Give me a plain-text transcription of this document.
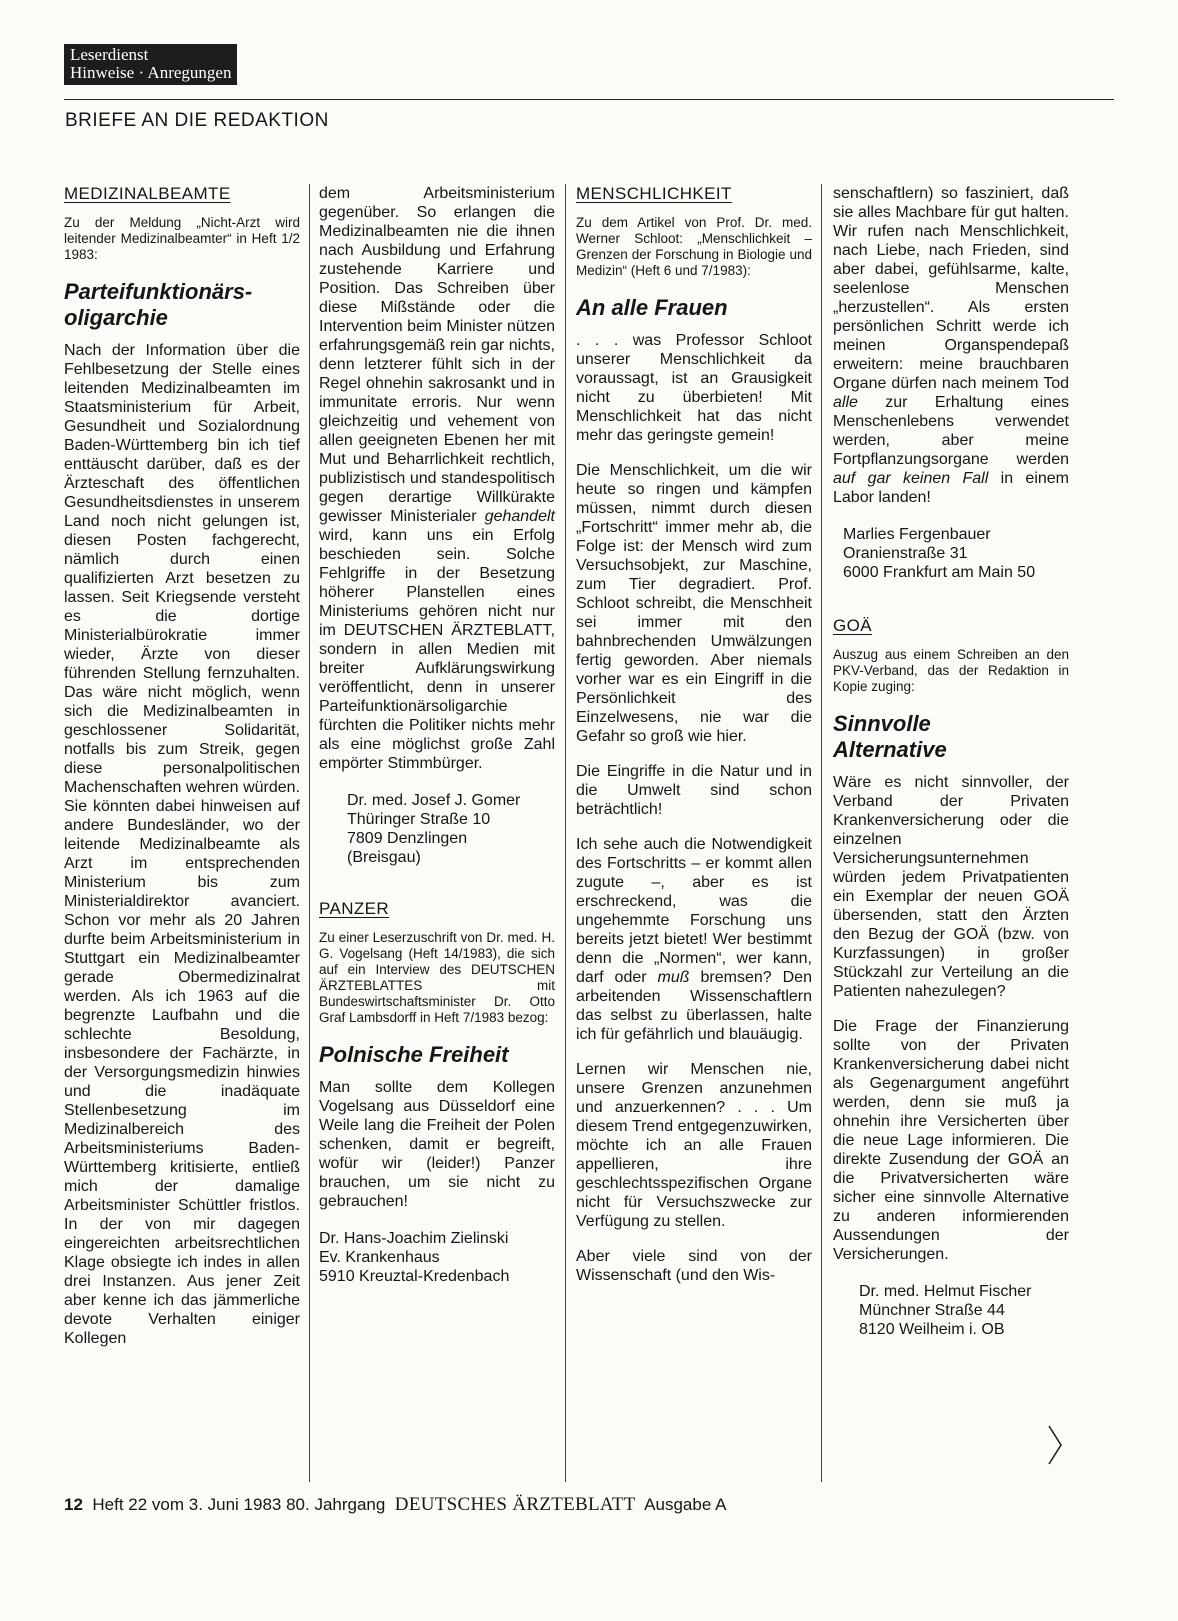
Leserdienst
Hinweise · Anregungen
BRIEFE AN DIE REDAKTION
MEDIZINALBEAMTE

Zu der Meldung „Nicht-Arzt wird leitender Medizinalbeamter“ in Heft 1/2 1983:

Parteifunktionärs-oligarchie

Nach der Information über die Fehlbesetzung der Stelle eines leitenden Medizinalbeamten im Staatsministerium für Arbeit, Gesundheit und Sozialordnung Baden-Württemberg bin ich tief enttäuscht darüber, daß es der Ärzteschaft des öffentlichen Gesundheitsdienstes in unserem Land noch nicht gelungen ist, diesen Posten fachgerecht, nämlich durch einen qualifizierten Arzt besetzen zu lassen. Seit Kriegsende versteht es die dortige Ministerialbürokratie immer wieder, Ärzte von dieser führenden Stellung fernzuhalten. Das wäre nicht möglich, wenn sich die Medizinalbeamten in geschlossener Solidarität, notfalls bis zum Streik, gegen diese personalpolitischen Machenschaften wehren würden. Sie könnten dabei hinweisen auf andere Bundesländer, wo der leitende Medizinalbeamte als Arzt im entsprechenden Ministerium bis zum Ministerialdirektor avanciert. Schon vor mehr als 20 Jahren durfte beim Arbeitsministerium in Stuttgart ein Medizinalbeamter gerade Obermedizinalrat werden. Als ich 1963 auf die begrenzte Laufbahn und die schlechte Besoldung, insbesondere der Fachärzte, in der Versorgungsmedizin hinwies und die inadäquate Stellenbesetzung im Medizinalbereich des Arbeitsministeriums Baden-Württemberg kritisierte, entließ mich der damalige Arbeitsminister Schüttler fristlos. In der von mir dagegen eingereichten arbeitsrechtlichen Klage obsiegte ich indes in allen drei Instanzen. Aus jener Zeit aber kenne ich das jämmerliche devote Verhalten einiger Kollegen

dem Arbeitsministerium gegenüber. So erlangen die Medizinalbeamten nie die ihnen nach Ausbildung und Erfahrung zustehende Karriere und Position. Das Schreiben über diese Mißstände oder die Intervention beim Minister nützen erfahrungsgemäß rein gar nichts, denn letzterer fühlt sich in der Regel ohnehin sakrosankt und in immunitate erroris. Nur wenn gleichzeitig und vehement von allen geeigneten Ebenen her mit Mut und Beharrlichkeit rechtlich, publizistisch und standespolitisch gegen derartige Willkürakte gewisser Ministerialer gehandelt wird, kann uns ein Erfolg beschieden sein. Solche Fehlgriffe in der Besetzung höherer Planstellen eines Ministeriums gehören nicht nur im DEUTSCHEN ÄRZTEBLATT, sondern in allen Medien mit breiter Aufklärungswirkung veröffentlicht, denn in unserer Parteifunktionärsoligarchie fürchten die Politiker nichts mehr als eine möglichst große Zahl empörter Stimmbürger.

Dr. med. Josef J. Gomer
Thüringer Straße 10
7809 Denzlingen
(Breisgau)

PANZER

Zu einer Leserzuschrift von Dr. med. H. G. Vogelsang (Heft 14/1983), die sich auf ein Interview des DEUTSCHEN ÄRZTEBLATTES mit Bundeswirtschaftsminister Dr. Otto Graf Lambsdorff in Heft 7/1983 bezog:

Polnische Freiheit

Man sollte dem Kollegen Vogelsang aus Düsseldorf eine Weile lang die Freiheit der Polen schenken, damit er begreift, wofür wir (leider!) Panzer brauchen, um sie nicht zu gebrauchen!

Dr. Hans-Joachim Zielinski
Ev. Krankenhaus
5910 Kreuztal-Kredenbach

MENSCHLICHKEIT

Zu dem Artikel von Prof. Dr. med. Werner Schloot: „Menschlichkeit – Grenzen der Forschung in Biologie und Medizin“ (Heft 6 und 7/1983):

An alle Frauen

. . . was Professor Schloot unserer Menschlichkeit da voraussagt, ist an Grausigkeit nicht zu überbieten! Mit Menschlichkeit hat das nicht mehr das geringste gemein!

Die Menschlichkeit, um die wir heute so ringen und kämpfen müssen, nimmt durch diesen „Fortschritt“ immer mehr ab, die Folge ist: der Mensch wird zum Versuchsobjekt, zur Maschine, zum Tier degradiert. Prof. Schloot schreibt, die Menschheit sei immer mit den bahnbrechenden Umwälzungen fertig geworden. Aber niemals vorher war es ein Eingriff in die Persönlichkeit des Einzelwesens, nie war die Gefahr so groß wie hier.

Die Eingriffe in die Natur und in die Umwelt sind schon beträchtlich!

Ich sehe auch die Notwendigkeit des Fortschritts – er kommt allen zugute –, aber es ist erschreckend, was die ungehemmte Forschung uns bereits jetzt bietet! Wer bestimmt denn die „Normen“, wer kann, darf oder muß bremsen? Den arbeitenden Wissenschaftlern das selbst zu überlassen, halte ich für gefährlich und blauäugig.

Lernen wir Menschen nie, unsere Grenzen anzunehmen und anzuerkennen? . . . Um diesem Trend entgegenzuwirken, möchte ich an alle Frauen appellieren, ihre geschlechtsspezifischen Organe nicht für Versuchszwecke zur Verfügung zu stellen.

Aber viele sind von der Wissenschaft (und den Wis-

senschaftlern) so fasziniert, daß sie alles Machbare für gut halten. Wir rufen nach Menschlichkeit, nach Liebe, nach Frieden, sind aber dabei, gefühlsarme, kalte, seelenlose Menschen „herzustellen“. Als ersten persönlichen Schritt werde ich meinen Organspendepaß erweitern: meine brauchbaren Organe dürfen nach meinem Tod alle zur Erhaltung eines Menschenlebens verwendet werden, aber meine Fortpflanzungsorgane werden auf gar keinen Fall in einem Labor landen!

Marlies Fergenbauer
Oranienstraße 31
6000 Frankfurt am Main 50

GOÄ

Auszug aus einem Schreiben an den PKV-Verband, das der Redaktion in Kopie zuging:

Sinnvolle Alternative

Wäre es nicht sinnvoller, der Verband der Privaten Krankenversicherung oder die einzelnen Versicherungsunternehmen würden jedem Privatpatienten ein Exemplar der neuen GOÄ übersenden, statt den Ärzten den Bezug der GOÄ (bzw. von Kurzfassungen) in großer Stückzahl zur Verteilung an die Patienten nahezulegen?

Die Frage der Finanzierung sollte von der Privaten Krankenversicherung dabei nicht als Gegenargument angeführt werden, denn sie muß ja ohnehin ihre Versicherten über die neue Lage informieren. Die direkte Zusendung der GOÄ an die Privatversicherten wäre sicher eine sinnvolle Alternative zu anderen informierenden Aussendungen der Versicherungen.

Dr. med. Helmut Fischer
Münchner Straße 44
8120 Weilheim i. OB

12 Heft 22 vom 3. Juni 1983 80. Jahrgang DEUTSCHES ÄRZTEBLATT Ausgabe A
